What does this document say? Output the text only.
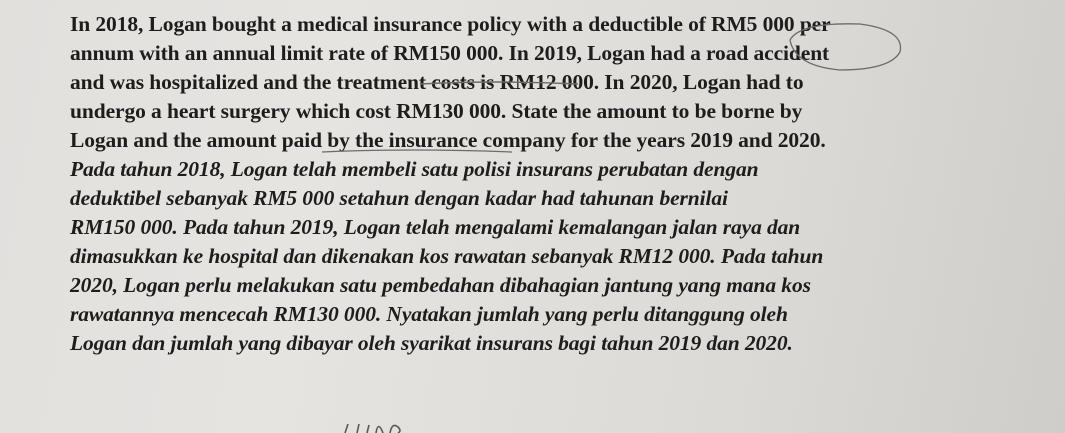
In 2018, Logan bought a medical insurance policy with a deductible of RM5 000 per
annum with an annual limit rate of RM150 000. In 2019, Logan had a road accident
and was hospitalized and the treatment costs is RM12 000. In 2020, Logan had to
undergo a heart surgery which cost RM130 000. State the amount to be borne by
Logan and the amount paid by the insurance company for the years 2019 and 2020.
Pada tahun 2018, Logan telah membeli satu polisi insurans perubatan dengan
deduktibel sebanyak RM5 000 setahun dengan kadar had tahunan bernilai
RM150 000. Pada tahun 2019, Logan telah mengalami kemalangan jalan raya dan
dimasukkan ke hospital dan dikenakan kos rawatan sebanyak RM12 000. Pada tahun
2020, Logan perlu melakukan satu pembedahan dibahagian jantung yang mana kos
rawatannya mencecah RM130 000. Nyatakan jumlah yang perlu ditanggung oleh
Logan dan jumlah yang dibayar oleh syarikat insurans bagi tahun 2019 dan 2020.
